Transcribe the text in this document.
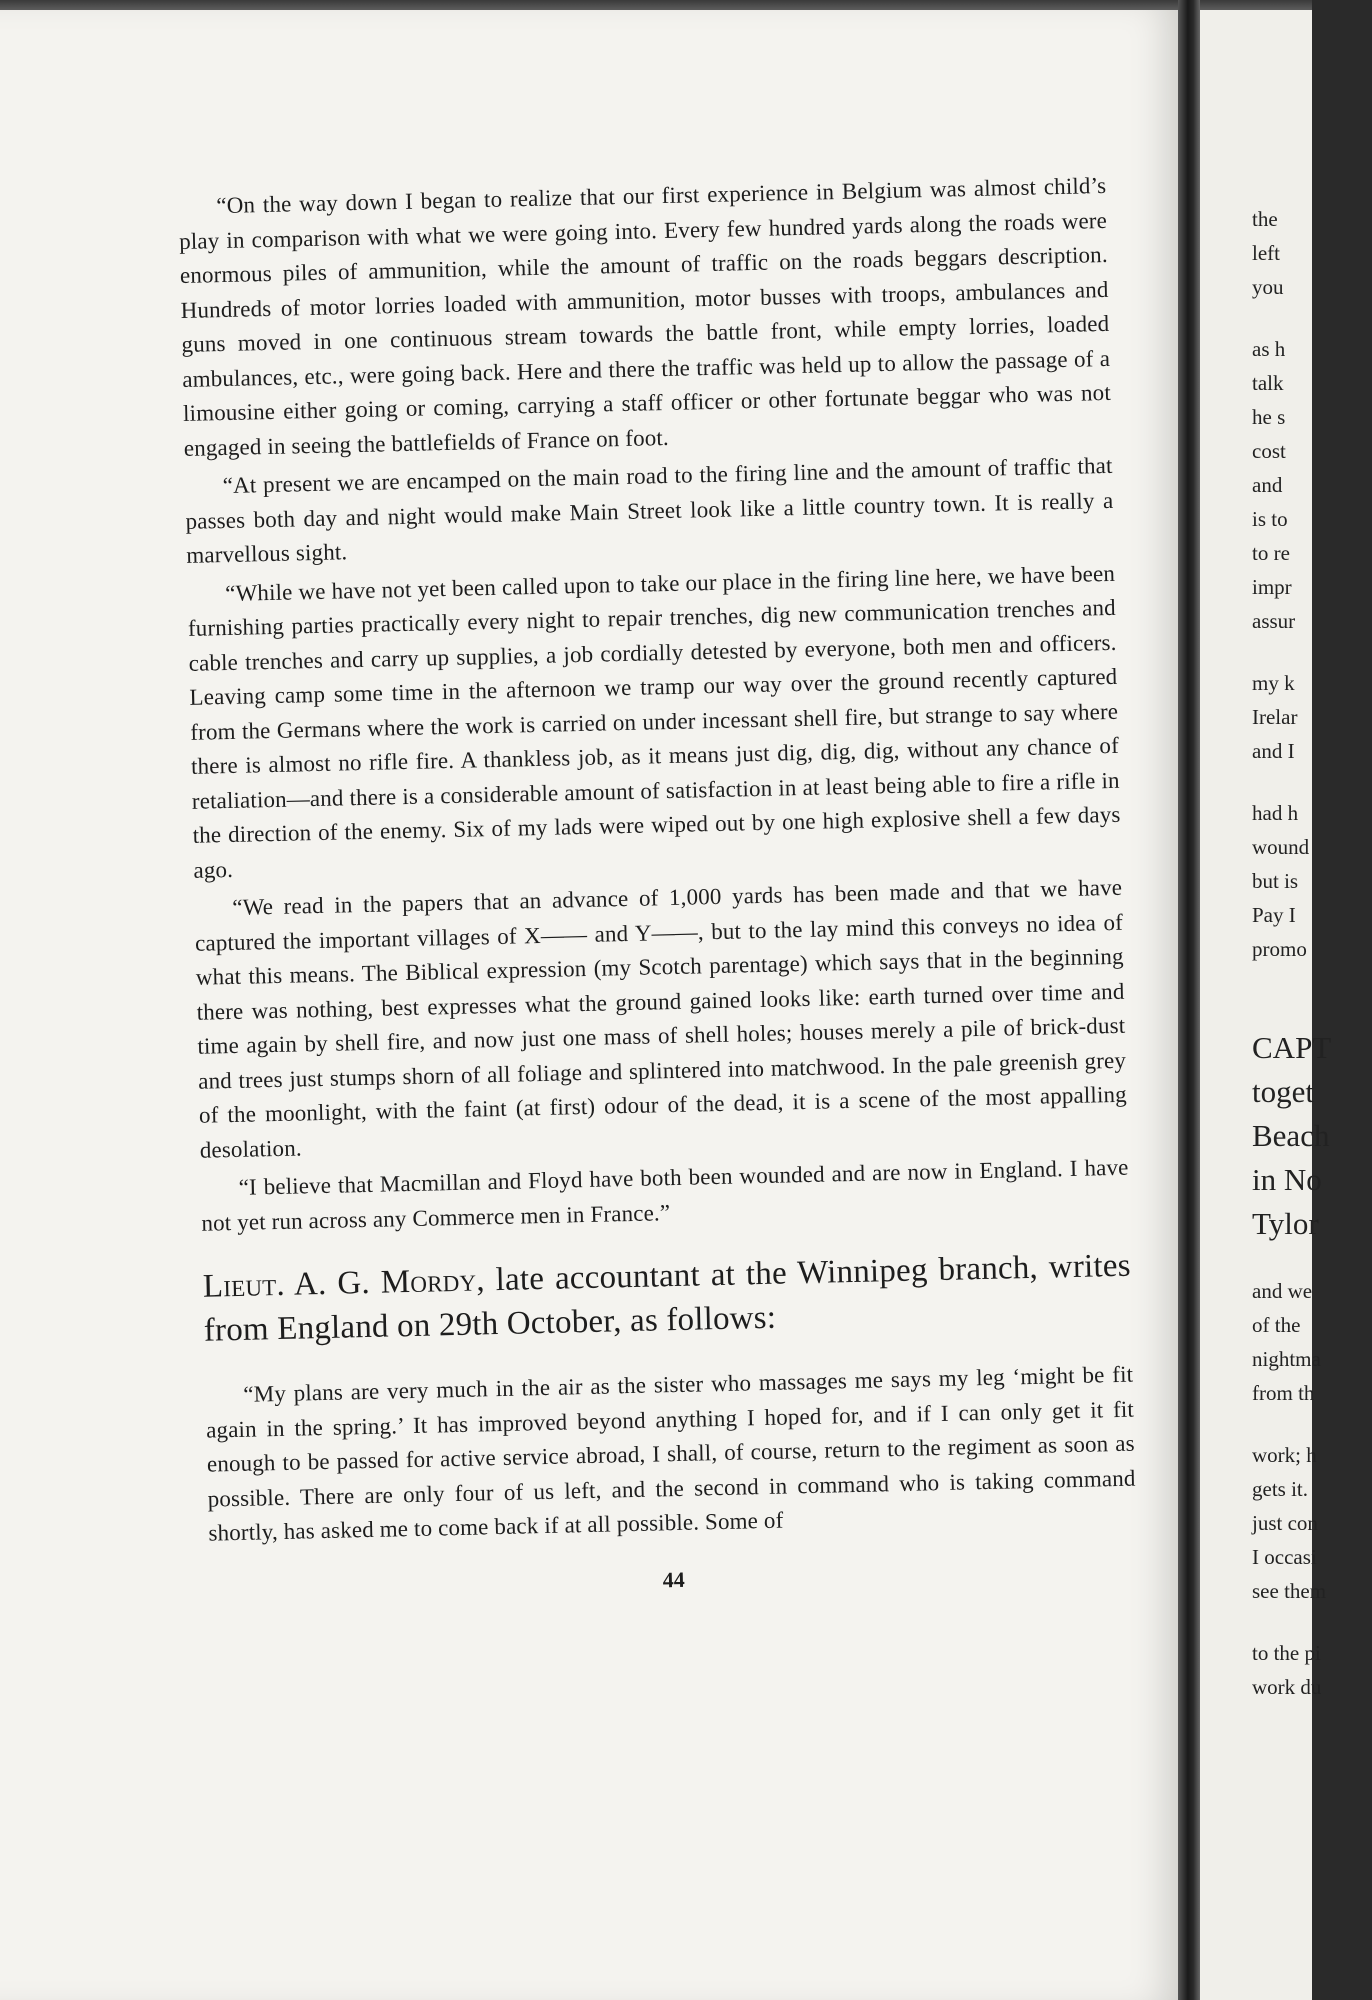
“On the way down I began to realize that our first experience in Belgium was almost child’s play in comparison with what we were going into. Every few hundred yards along the roads were enormous piles of ammunition, while the amount of traffic on the roads beggars description. Hundreds of motor lorries loaded with ammunition, motor busses with troops, ambulances and guns moved in one continuous stream towards the battle front, while empty lorries, loaded ambulances, etc., were going back. Here and there the traffic was held up to allow the passage of a limousine either going or coming, carrying a staff officer or other fortunate beggar who was not engaged in seeing the battlefields of France on foot.

“At present we are encamped on the main road to the firing line and the amount of traffic that passes both day and night would make Main Street look like a little country town. It is really a marvellous sight.

“While we have not yet been called upon to take our place in the firing line here, we have been furnishing parties practically every night to repair trenches, dig new communication trenches and cable trenches and carry up supplies, a job cordially detested by everyone, both men and officers. Leaving camp some time in the afternoon we tramp our way over the ground recently captured from the Germans where the work is carried on under incessant shell fire, but strange to say where there is almost no rifle fire. A thankless job, as it means just dig, dig, dig, without any chance of retaliation—and there is a considerable amount of satisfaction in at least being able to fire a rifle in the direction of the enemy. Six of my lads were wiped out by one high explosive shell a few days ago.

“We read in the papers that an advance of 1,000 yards has been made and that we have captured the important villages of X—— and Y——, but to the lay mind this conveys no idea of what this means. The Biblical expression (my Scotch parentage) which says that in the beginning there was nothing, best expresses what the ground gained looks like: earth turned over time and time again by shell fire, and now just one mass of shell holes; houses merely a pile of brick-dust and trees just stumps shorn of all foliage and splintered into matchwood. In the pale greenish grey of the moonlight, with the faint (at first) odour of the dead, it is a scene of the most appalling desolation.

“I believe that Macmillan and Floyd have both been wounded and are now in England. I have not yet run across any Commerce men in France.”

Lieut. A. G. Mordy, late accountant at the Winnipeg branch, writes from England on 29th October, as follows:

“My plans are very much in the air as the sister who massages me says my leg ‘might be fit again in the spring.’ It has improved beyond anything I hoped for, and if I can only get it fit enough to be passed for active service abroad, I shall, of course, return to the regiment as soon as possible. There are only four of us left, and the second in command who is taking command shortly, has asked me to come back if at all possible. Some of

44
the
left
you
as h
talk
he s
cost
and
is to
to re
impr
assur
my k
Irelar
and I
had h
wound
but is
Pay I
promo
CAPT
toget
Beach
in No
Tylor
and we
of the
nightma
from th
work; h
gets it.
just con
I occasi
see them
to the pi
work du
